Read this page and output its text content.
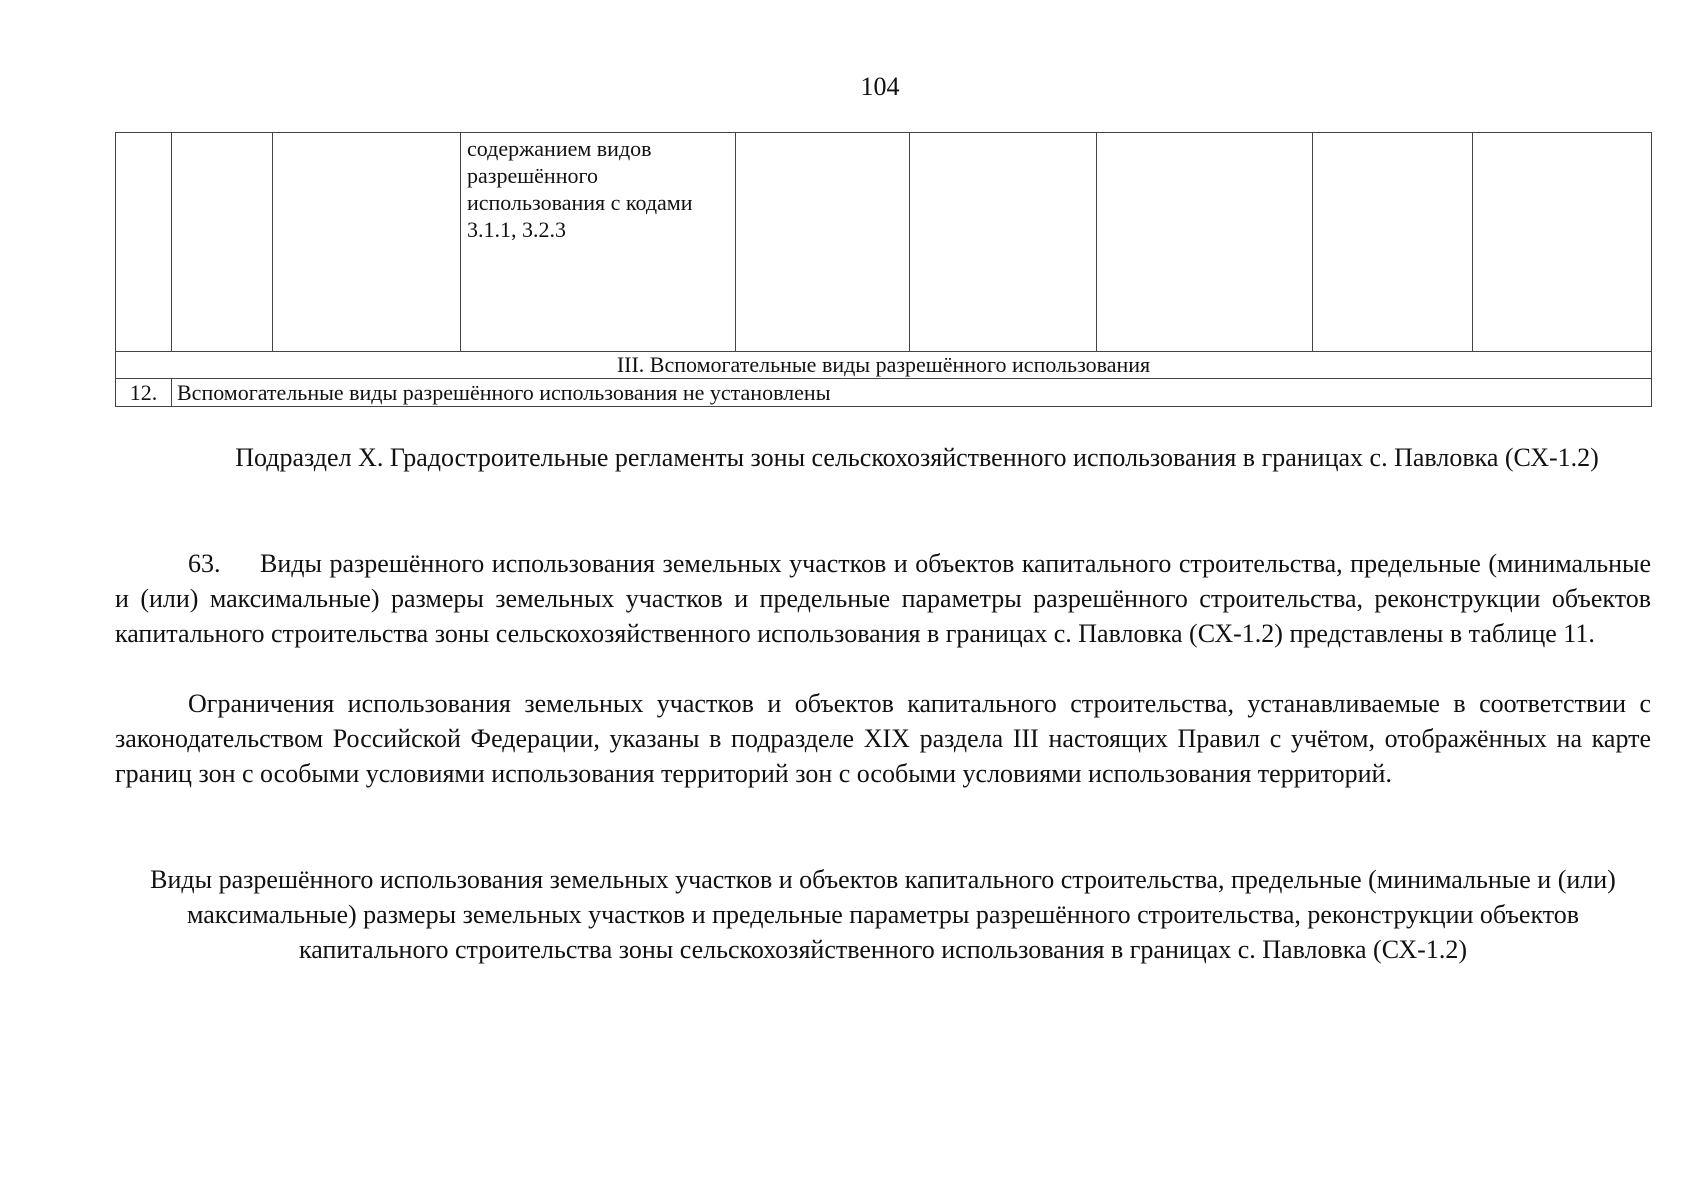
104
			содержанием видов разрешённого использования с кодами 3.1.1, 3.2.3					
III. Вспомогательные виды разрешённого использования								
12.	Вспомогательные виды разрешённого использования не установлены							
Подраздел X. Градостроительные регламенты зоны сельскохозяйственного использования в границах с. Павловка (СХ-1.2)

63. Виды разрешённого использования земельных участков и объектов капитального строительства, предельные (минимальные и (или) максимальные) размеры земельных участков и предельные параметры разрешённого строительства, реконструкции объектов капитального строительства зоны сельскохозяйственного использования в границах с. Павловка (СХ-1.2) представлены в таблице 11.

Ограничения использования земельных участков и объектов капитального строительства, устанавливаемые в соответствии с законодательством Российской Федерации, указаны в подразделе XIX раздела III настоящих Правил с учётом, отображённых на карте границ зон с особыми условиями использования территорий зон с особыми условиями использования территорий.

Виды разрешённого использования земельных участков и объектов капитального строительства, предельные (минимальные и (или) максимальные) размеры земельных участков и предельные параметры разрешённого строительства, реконструкции объектов капитального строительства зоны сельскохозяйственного использования в границах с. Павловка (СХ-1.2)
